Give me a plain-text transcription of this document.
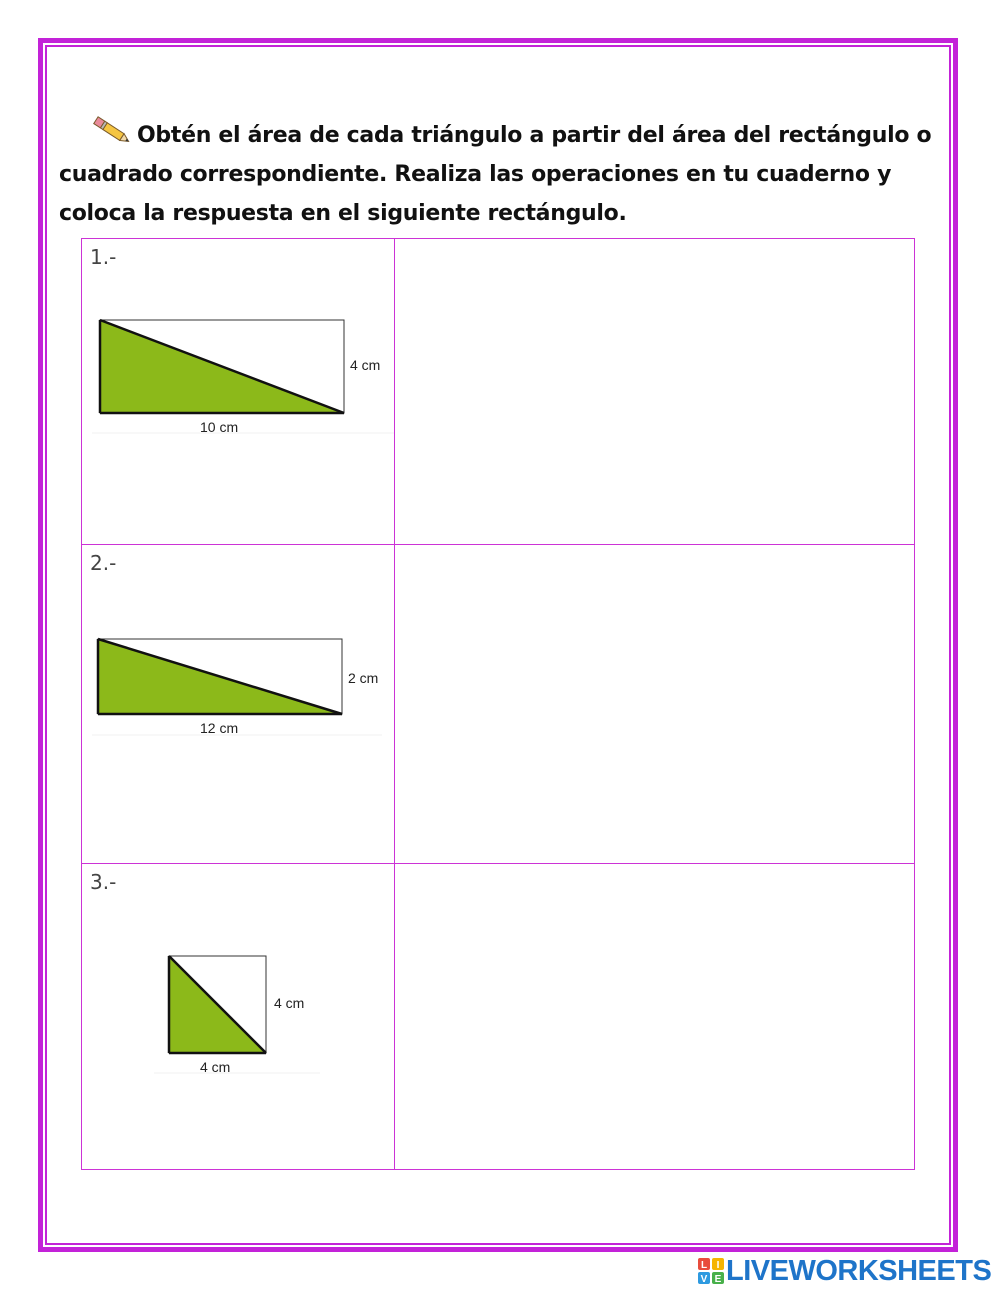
Obtén el área de cada triángulo a partir del área del rectángulo o
cuadrado correspondiente. Realiza las operaciones en tu cuaderno y
coloca la respuesta en el siguiente rectángulo.
1.-
4 cm
10 cm	

2.-
2 cm
12 cm	

3.-
4 cm
4 cm	

L I
V E LIVEWORKSHEETS
